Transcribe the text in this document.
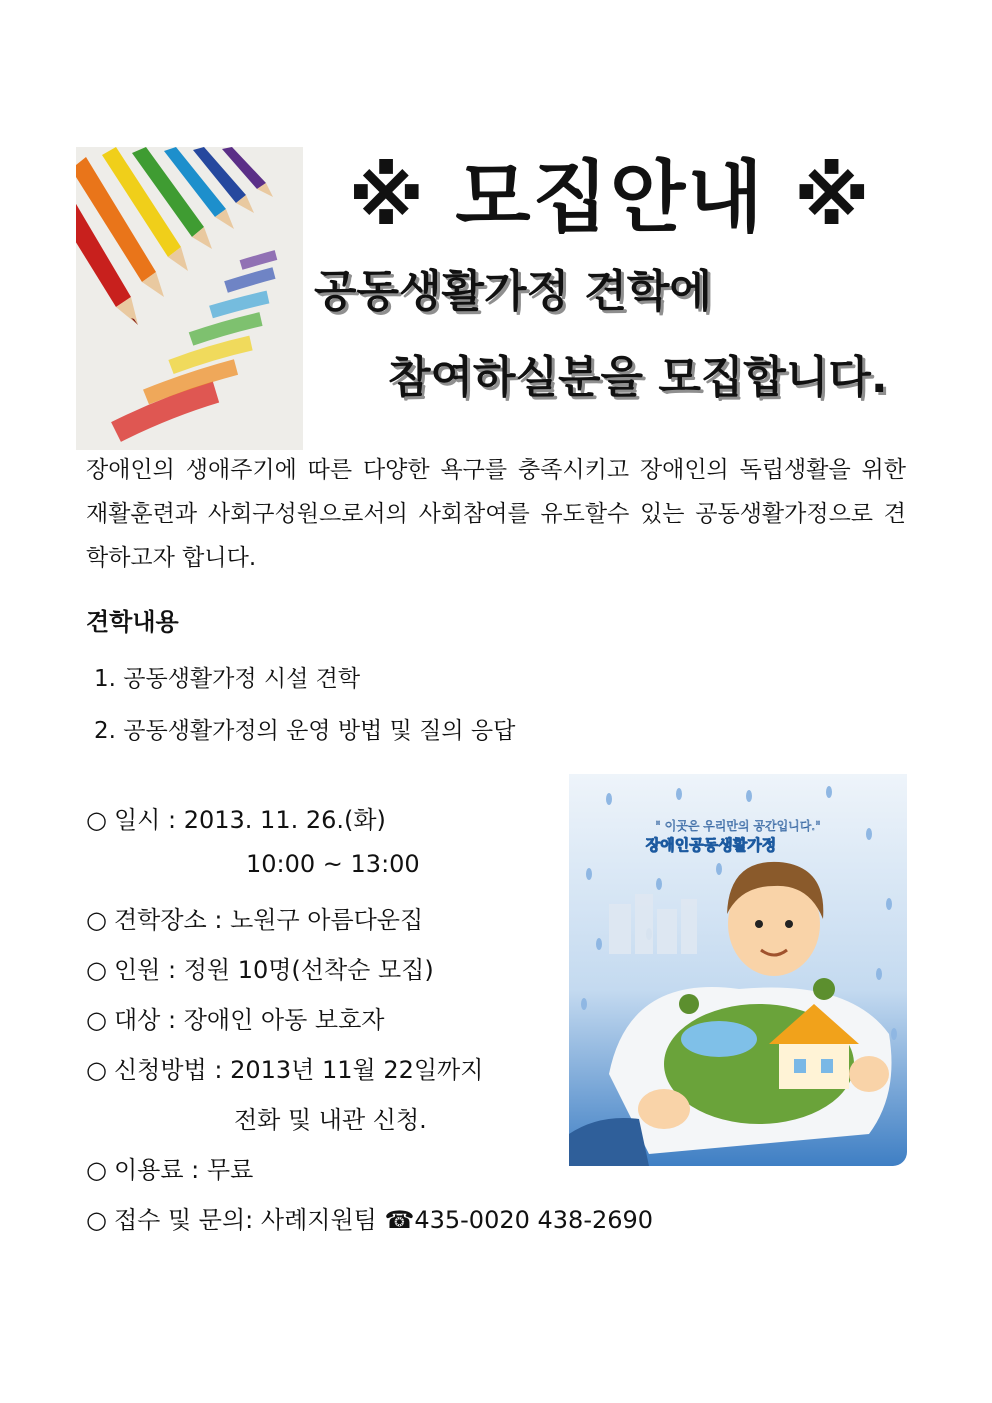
※ 모집안내 ※
공동생활가정 견학에
참여하실분을 모집합니다.
장애인의 생애주기에 따른 다양한 욕구를 충족시키고 장애인의 독립생활을 위한 재활훈련과 사회구성원으로서의 사회참여를 유도할수 있는 공동생활가정으로 견학하고자 합니다.
견학내용
1. 공동생활가정 시설 견학
2. 공동생활가정의 운영 방법 및 질의 응답
○ 일시 : 2013. 11. 26.(화)
10:00 ~ 13:00
○ 견학장소 : 노원구 아름다운집
○ 인원 : 정원 10명(선착순 모집)
○ 대상 : 장애인 아동 보호자
○ 신청방법 : 2013년 11월 22일까지
전화 및 내관 신청.
○ 이용료 : 무료
○ 접수 및 문의: 사례지원팀 ☎435-0020 438-2690
" 이곳은 우리만의 공간입니다."
장애인공동생활가정
